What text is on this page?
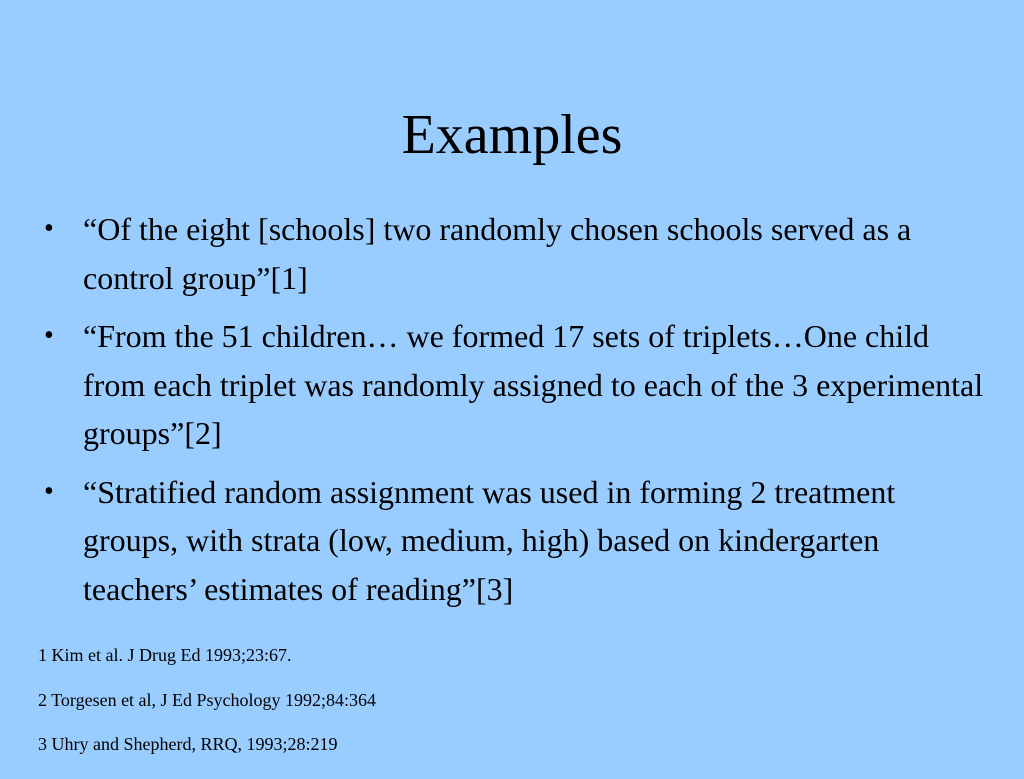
Examples
• “Of the eight [schools] two randomly chosen schools served as a control group”[1]
• “From the 51 children… we formed 17 sets of triplets…One child from each triplet was randomly assigned to each of the 3 experimental groups”[2]
• “Stratified random assignment was used in forming 2 treatment groups, with strata (low, medium, high) based on kindergarten teachers’ estimates of reading”[3]
1 Kim et al. J Drug Ed 1993;23:67.
2 Torgesen et al, J Ed Psychology 1992;84:364
3 Uhry and Shepherd, RRQ, 1993;28:219
